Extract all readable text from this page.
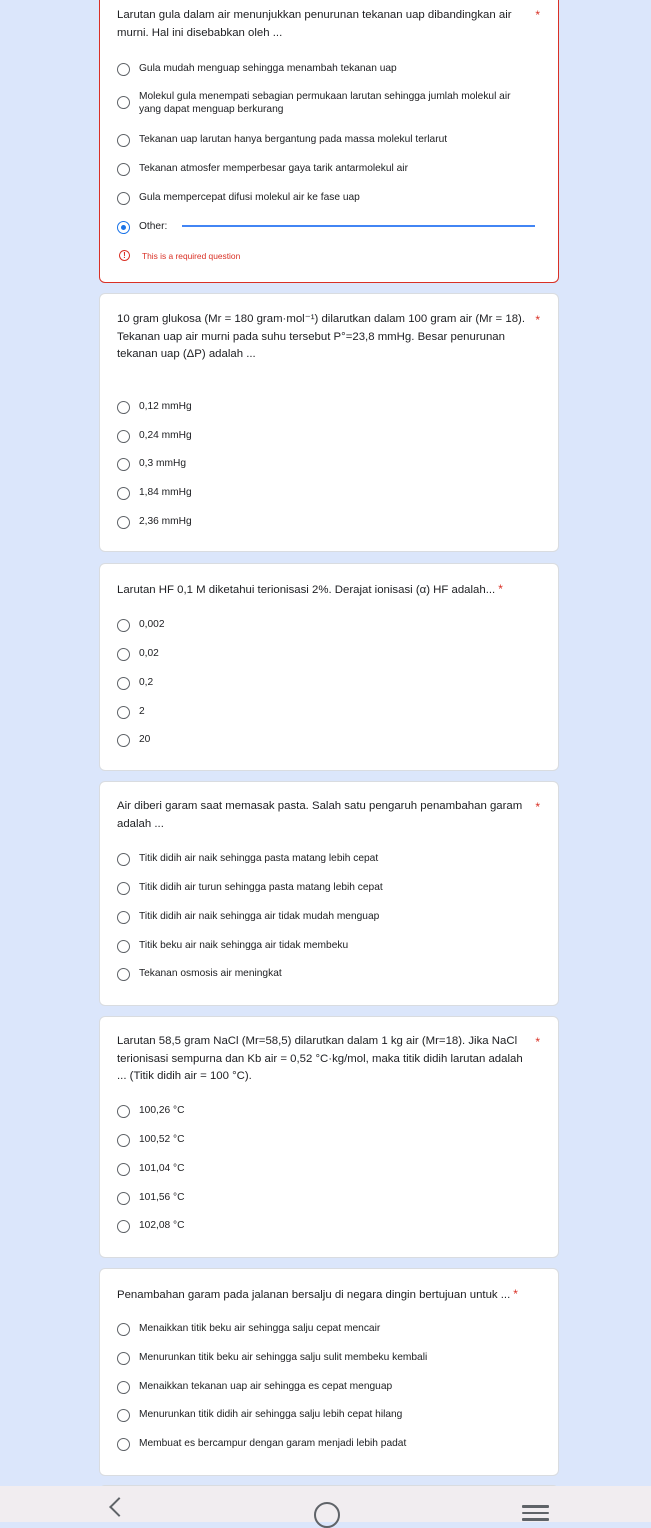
Larutan gula dalam air menunjukkan penurunan tekanan uap dibandingkan air murni. Hal ini disebabkan oleh ...
*
Gula mudah menguap sehingga menambah tekanan uap
Molekul gula menempati sebagian permukaan larutan sehingga jumlah molekul air yang dapat menguap berkurang
Tekanan uap larutan hanya bergantung pada massa molekul terlarut
Tekanan atmosfer memperbesar gaya tarik antarmolekul air
Gula mempercepat difusi molekul air ke fase uap
Other:
!	This is a required question
10 gram glukosa (Mr = 180 gram·mol⁻¹) dilarutkan dalam 100 gram air (Mr = 18). Tekanan uap air murni pada suhu tersebut P°=23,8 mmHg. Besar penurunan tekanan uap (ΔP) adalah ...
*
0,12 mmHg
0,24 mmHg
0,3 mmHg
1,84 mmHg
2,36 mmHg
Larutan HF 0,1 M diketahui terionisasi 2%. Derajat ionisasi (α) HF adalah... *
0,002
0,02
0,2
2
20
Air diberi garam saat memasak pasta. Salah satu pengaruh penambahan garam adalah ...
*
Titik didih air naik sehingga pasta matang lebih cepat
Titik didih air turun sehingga pasta matang lebih cepat
Titik didih air naik sehingga air tidak mudah menguap
Titik beku air naik sehingga air tidak membeku
Tekanan osmosis air meningkat
Larutan 58,5 gram NaCl (Mr=58,5) dilarutkan dalam 1 kg air (Mr=18). Jika NaCl terionisasi sempurna dan Kb air = 0,52 °C·kg/mol, maka titik didih larutan adalah ... (Titik didih air = 100 °C).
*
100,26 °C
100,52 °C
101,04 °C
101,56 °C
102,08 °C
Penambahan garam pada jalanan bersalju di negara dingin bertujuan untuk ... *
Menaikkan titik beku air sehingga salju cepat mencair
Menurunkan titik beku air sehingga salju sulit membeku kembali
Menaikkan tekanan uap air sehingga es cepat menguap
Menurunkan titik didih air sehingga salju lebih cepat hilang
Membuat es bercampur dengan garam menjadi lebih padat
